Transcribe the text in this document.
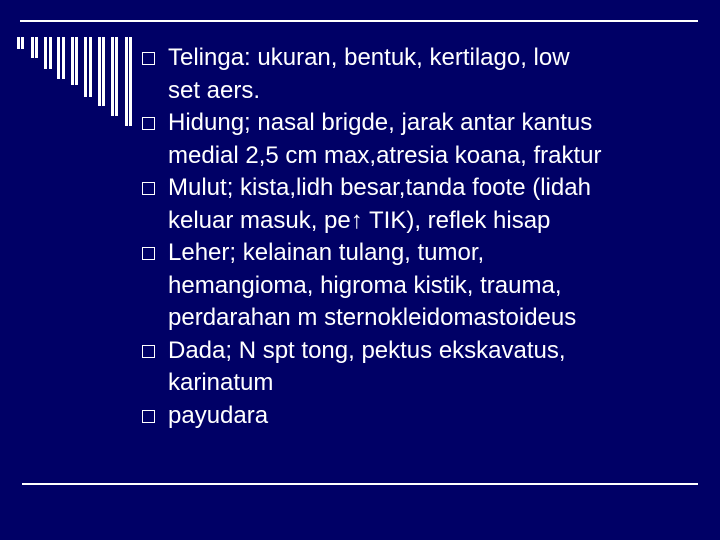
Telinga: ukuran, bentuk, kertilago, low
set aers.
Hidung; nasal brigde, jarak antar kantus
medial 2,5 cm max,atresia koana, fraktur
Mulut; kista,lidh besar,tanda foote (lidah
keluar masuk, pe↑ TIK), reflek hisap
Leher; kelainan tulang, tumor,
hemangioma, higroma kistik, trauma,
perdarahan m sternokleidomastoideus
Dada; N spt tong, pektus ekskavatus,
karinatum
payudara
